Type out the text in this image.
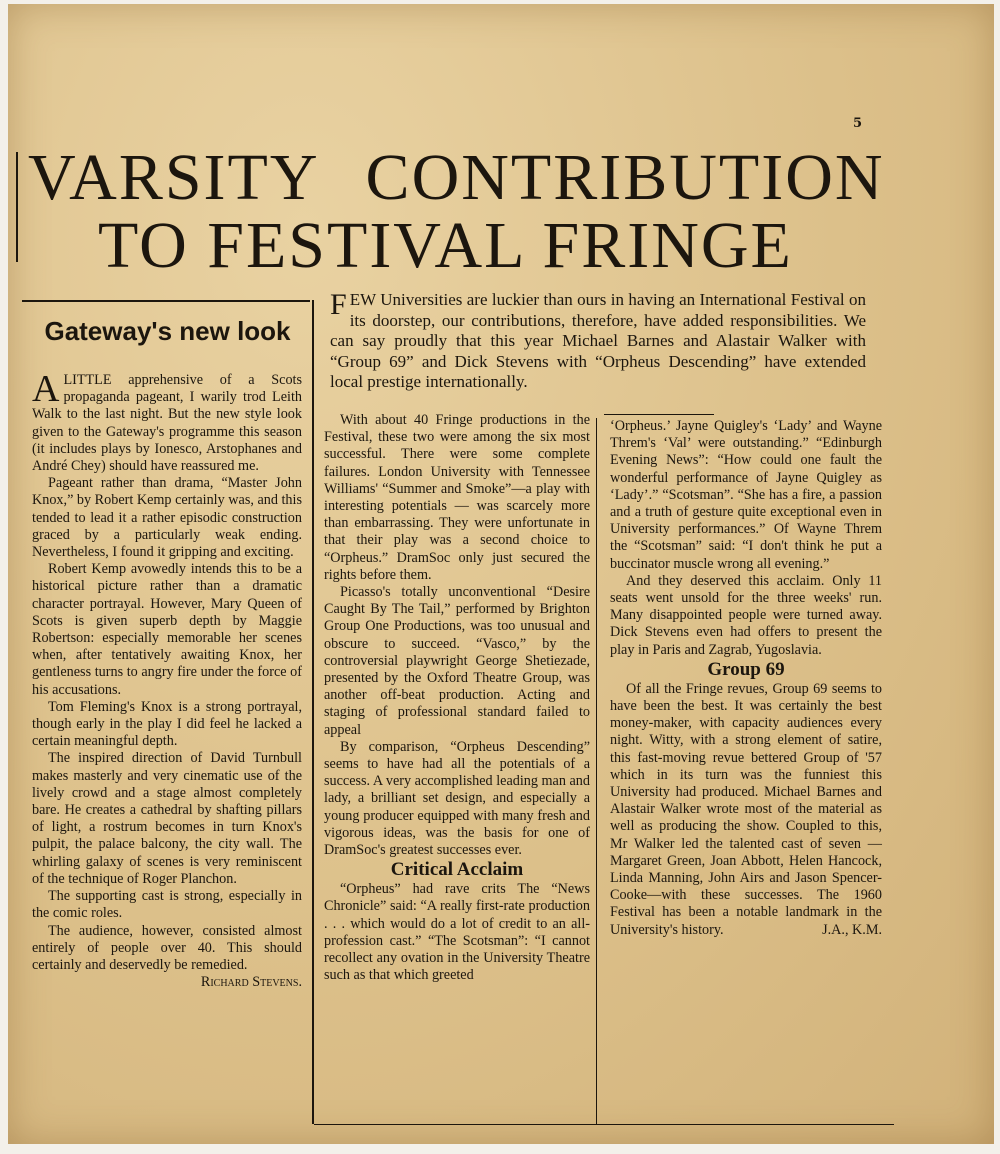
5
VARSITY CONTRIBUTION
TO FESTIVAL FRINGE
Gateway's new look

ALITTLE apprehensive of a Scots propaganda pageant, I warily trod Leith Walk to the last night. But the new style look given to the Gateway's programme this season (it includes plays by Ionesco, Arstophanes and André Chey) should have reassured me.

Pageant rather than drama, “Master John Knox,” by Robert Kemp certainly was, and this tended to lead it a rather episodic construction graced by a particularly weak ending. Nevertheless, I found it gripping and exciting.

Robert Kemp avowedly intends this to be a historical picture rather than a dramatic character portrayal. However, Mary Queen of Scots is given superb depth by Maggie Robertson: especially memorable her scenes when, after tentatively awaiting Knox, her gentleness turns to angry fire under the force of his accusations.

Tom Fleming's Knox is a strong portrayal, though early in the play I did feel he lacked a certain meaningful depth.

The inspired direction of David Turnbull makes masterly and very cinematic use of the lively crowd and a stage almost completely bare. He creates a cathedral by shafting pillars of light, a rostrum becomes in turn Knox's pulpit, the palace balcony, the city wall. The whirling galaxy of scenes is very reminiscent of the technique of Roger Planchon.

The supporting cast is strong, especially in the comic roles.

The audience, however, consisted almost entirely of people over 40. This should certainly and deservedly be remedied.

Richard Stevens.

FEW Universities are luckier than ours in having an International Festival on its doorstep, our contributions, therefore, have added responsibilities. We can say proudly that this year Michael Barnes and Alastair Walker with “Group 69” and Dick Stevens with “Orpheus Descending” have extended local prestige internationally.

With about 40 Fringe productions in the Festival, these two were among the six most successful. There were some complete failures. London University with Tennessee Williams' “Summer and Smoke”—a play with interesting potentials — was scarcely more than embarrassing. They were unfortunate in that their play was a second choice to “Orpheus.” DramSoc only just secured the rights before them.

Picasso's totally unconventional “Desire Caught By The Tail,” performed by Brighton Group One Productions, was too unusual and obscure to succeed. “Vasco,” by the controversial playwright George Shetiezade, presented by the Oxford Theatre Group, was another off-beat production. Acting and staging of professional standard failed to appeal

By comparison, “Orpheus Descending” seems to have had all the potentials of a success. A very accomplished leading man and lady, a brilliant set design, and especially a young producer equipped with many fresh and vigorous ideas, was the basis for one of DramSoc's greatest successes ever.

Critical Acclaim

“Orpheus” had rave crits The “News Chronicle” said: “A really first-rate production . . . which would do a lot of credit to an all-profession cast.” “The Scotsman”: “I cannot recollect any ovation in the University Theatre such as that which greeted

‘Orpheus.’ Jayne Quigley's ‘Lady’ and Wayne Threm's ‘Val’ were outstanding.” “Edinburgh Evening News”: “How could one fault the wonderful performance of Jayne Quigley as ‘Lady’.” “Scotsman”. “She has a fire, a passion and a truth of gesture quite exceptional even in University performances.” Of Wayne Threm the “Scotsman” said: “I don't think he put a buccinator muscle wrong all evening.”

And they deserved this acclaim. Only 11 seats went unsold for the three weeks' run. Many disappointed people were turned away. Dick Stevens even had offers to present the play in Paris and Zagrab, Yugoslavia.

Group 69

Of all the Fringe revues, Group 69 seems to have been the best. It was certainly the best money-maker, with capacity audiences every night. Witty, with a strong element of satire, this fast-moving revue bettered Group of '57 which in its turn was the funniest this University had produced. Michael Barnes and Alastair Walker wrote most of the material as well as producing the show. Coupled to this, Mr Walker led the talented cast of seven — Margaret Green, Joan Abbott, Helen Hancock, Linda Manning, John Airs and Jason Spencer-Cooke—with these successes. The 1960 Festival has been a notable landmark in the University's history.	J.A., K.M.
